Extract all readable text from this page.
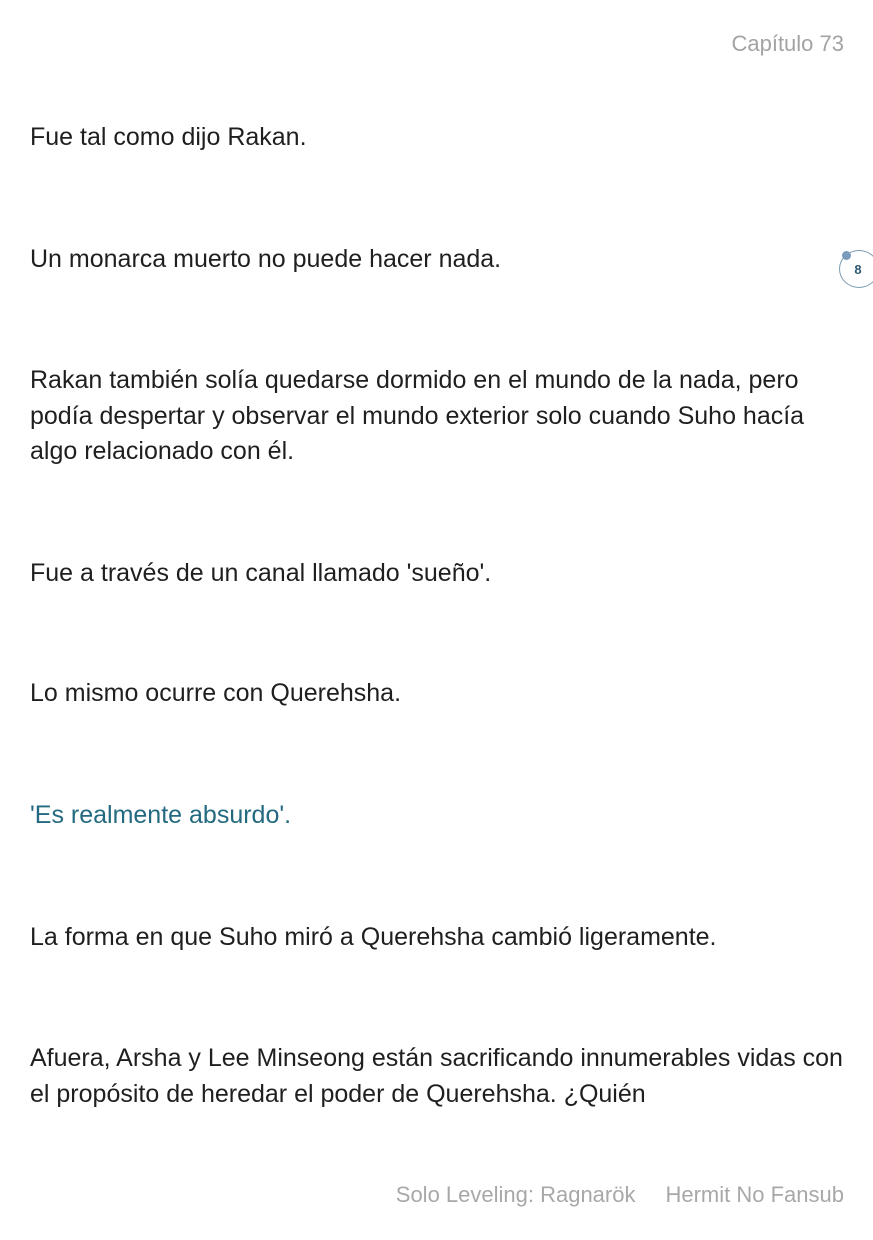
Capítulo 73

Fue tal como dijo Rakan.

Un monarca muerto no puede hacer nada.	8

Rakan también solía quedarse dormido en el mundo de la nada, pero podía despertar y observar el mundo exterior solo cuando Suho hacía algo relacionado con él.

Fue a través de un canal llamado 'sueño'.

Lo mismo ocurre con Querehsha.

'Es realmente absurdo'.

La forma en que Suho miró a Querehsha cambió ligeramente.

Afuera, Arsha y Lee Minseong están sacrificando innumerables vidas con el propósito de heredar el poder de Querehsha. ¿Quién

Solo Leveling: Ragnarök Hermit No Fansub
